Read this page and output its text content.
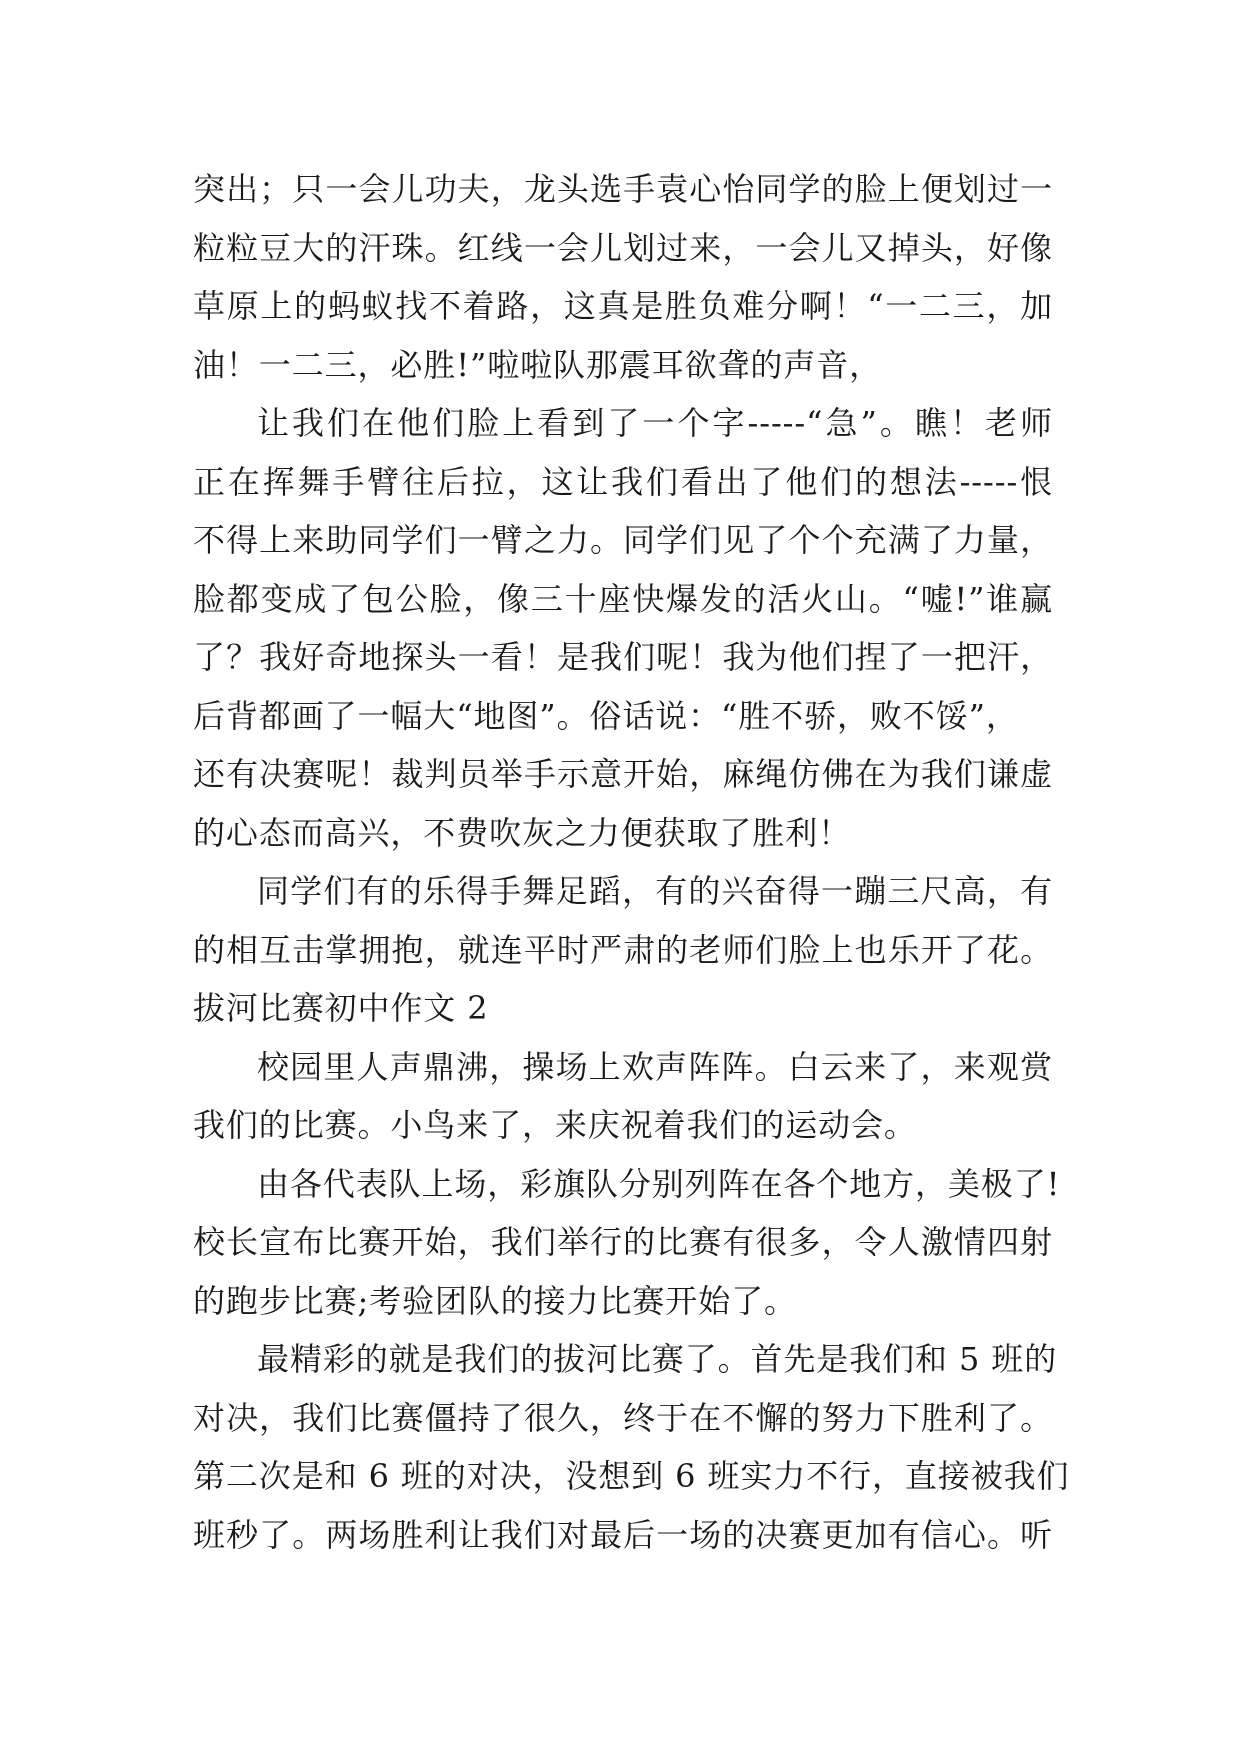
突出；只一会儿功夫，龙头选手袁心怡同学的脸上便划过一
粒粒豆大的汗珠。红线一会儿划过来，一会儿又掉头，好像
草原上的蚂蚁找不着路，这真是胜负难分啊！“一二三，加
油！一二三，必胜!”啦啦队那震耳欲聋的声音，
让我们在他们脸上看到了一个字-----“急”。瞧！老师
正在挥舞手臂往后拉，这让我们看出了他们的想法-----恨
不得上来助同学们一臂之力。同学们见了个个充满了力量，
脸都变成了包公脸，像三十座快爆发的活火山。“嘘!”谁赢
了？我好奇地探头一看！是我们呢！我为他们捏了一把汗，
后背都画了一幅大“地图”。俗话说：“胜不骄，败不馁”，
还有决赛呢！裁判员举手示意开始，麻绳仿佛在为我们谦虚
的心态而高兴，不费吹灰之力便获取了胜利！
同学们有的乐得手舞足蹈，有的兴奋得一蹦三尺高，有
的相互击掌拥抱，就连平时严肃的老师们脸上也乐开了花。
拔河比赛初中作文 2
校园里人声鼎沸，操场上欢声阵阵。白云来了，来观赏
我们的比赛。小鸟来了，来庆祝着我们的运动会。
由各代表队上场，彩旗队分别列阵在各个地方，美极了!
校长宣布比赛开始，我们举行的比赛有很多，令人激情四射
的跑步比赛;考验团队的接力比赛开始了。
最精彩的就是我们的拔河比赛了。首先是我们和 5 班的
对决，我们比赛僵持了很久，终于在不懈的努力下胜利了。
第二次是和 6 班的对决，没想到 6 班实力不行，直接被我们
班秒了。两场胜利让我们对最后一场的决赛更加有信心。听
